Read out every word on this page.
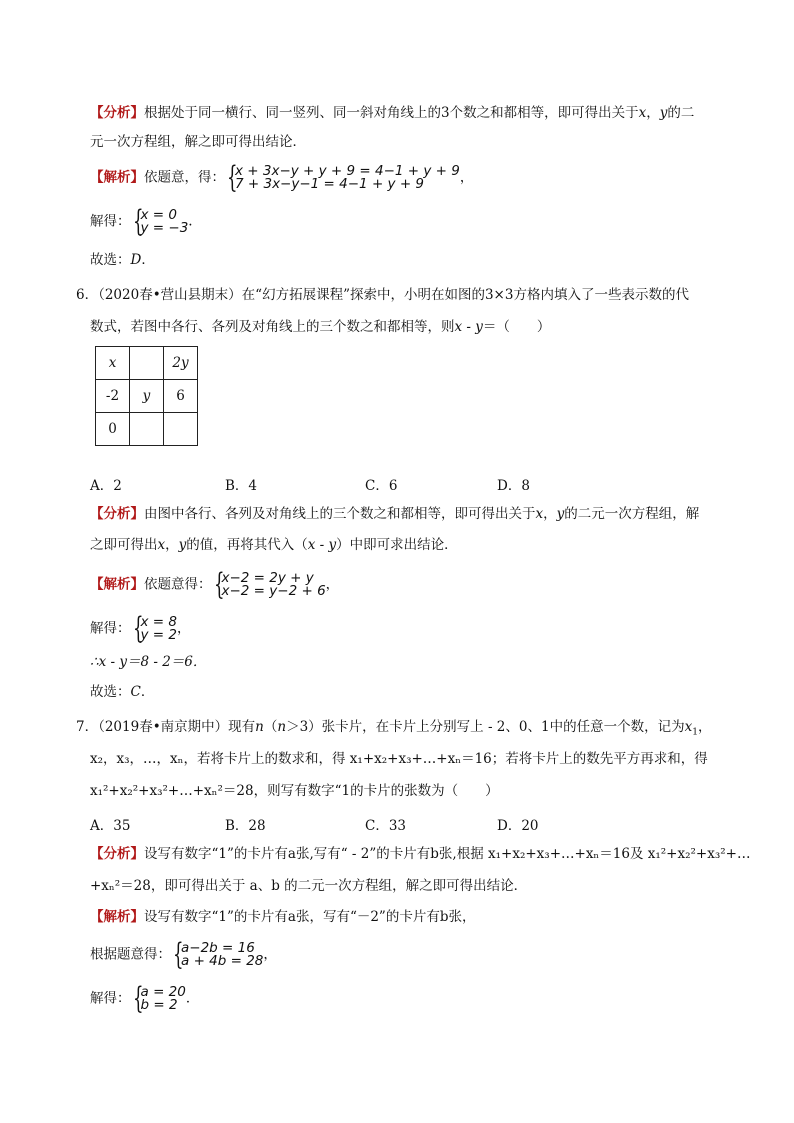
【分析】根据处于同一横行、同一竖列、同一斜对角线上的3个数之和都相等，即可得出关于x，y的二
元一次方程组，解之即可得出结论．
【解析】依题意，得： {
x + 3x−y + y + 9 = 4−1 + y + 9
7 + 3x−y−1 = 4−1 + y + 9	，
解得： {
x = 0
y = −3 .
故选：D．
6．（2020春•营山县期末）在“幻方拓展课程”探索中，小明在如图的3×3方格内填入了一些表示数的代
数式，若图中各行、各列及对角线上的三个数之和都相等，则x - y＝（　　）
x		2y
-2	y	6
0		
A．2	B．4	C．6	D．8
【分析】由图中各行、各列及对角线上的三个数之和都相等，即可得出关于x，y的二元一次方程组，解
之即可得出x，y的值，再将其代入（x - y）中即可求出结论．
【解析】依题意得： {
x−2 = 2y + y
x−2 = y−2 + 6 ，
解得： {
x = 8
y = 2 ，
∴x - y＝8 - 2＝6．
故选：C．
7．（2019春•南京期中）现有n（n＞3）张卡片，在卡片上分别写上 - 2、0、1中的任意一个数，记为$x_1$，
x₂，x₃，…，xₙ，若将卡片上的数求和，得 x₁+x₂+x₃+…+xₙ＝16；若将卡片上的数先平方再求和，得
x₁²+x₂²+x₃²+…+xₙ²＝28，则写有数字“1的卡片的张数为（　　）
A．35	B．28	C．33	D．20
【分析】设写有数字“1”的卡片有a张,写有“ - 2”的卡片有b张,根据 x₁+x₂+x₃+…+xₙ＝16及 x₁²+x₂²+x₃²+…
+xₙ²＝28，即可得出关于 a、b 的二元一次方程组，解之即可得出结论．
【解析】设写有数字“1”的卡片有a张，写有“－2”的卡片有b张，
根据题意得： {
a−2b = 16
a + 4b = 28 ，
解得： {
a = 20
b = 2 ．
